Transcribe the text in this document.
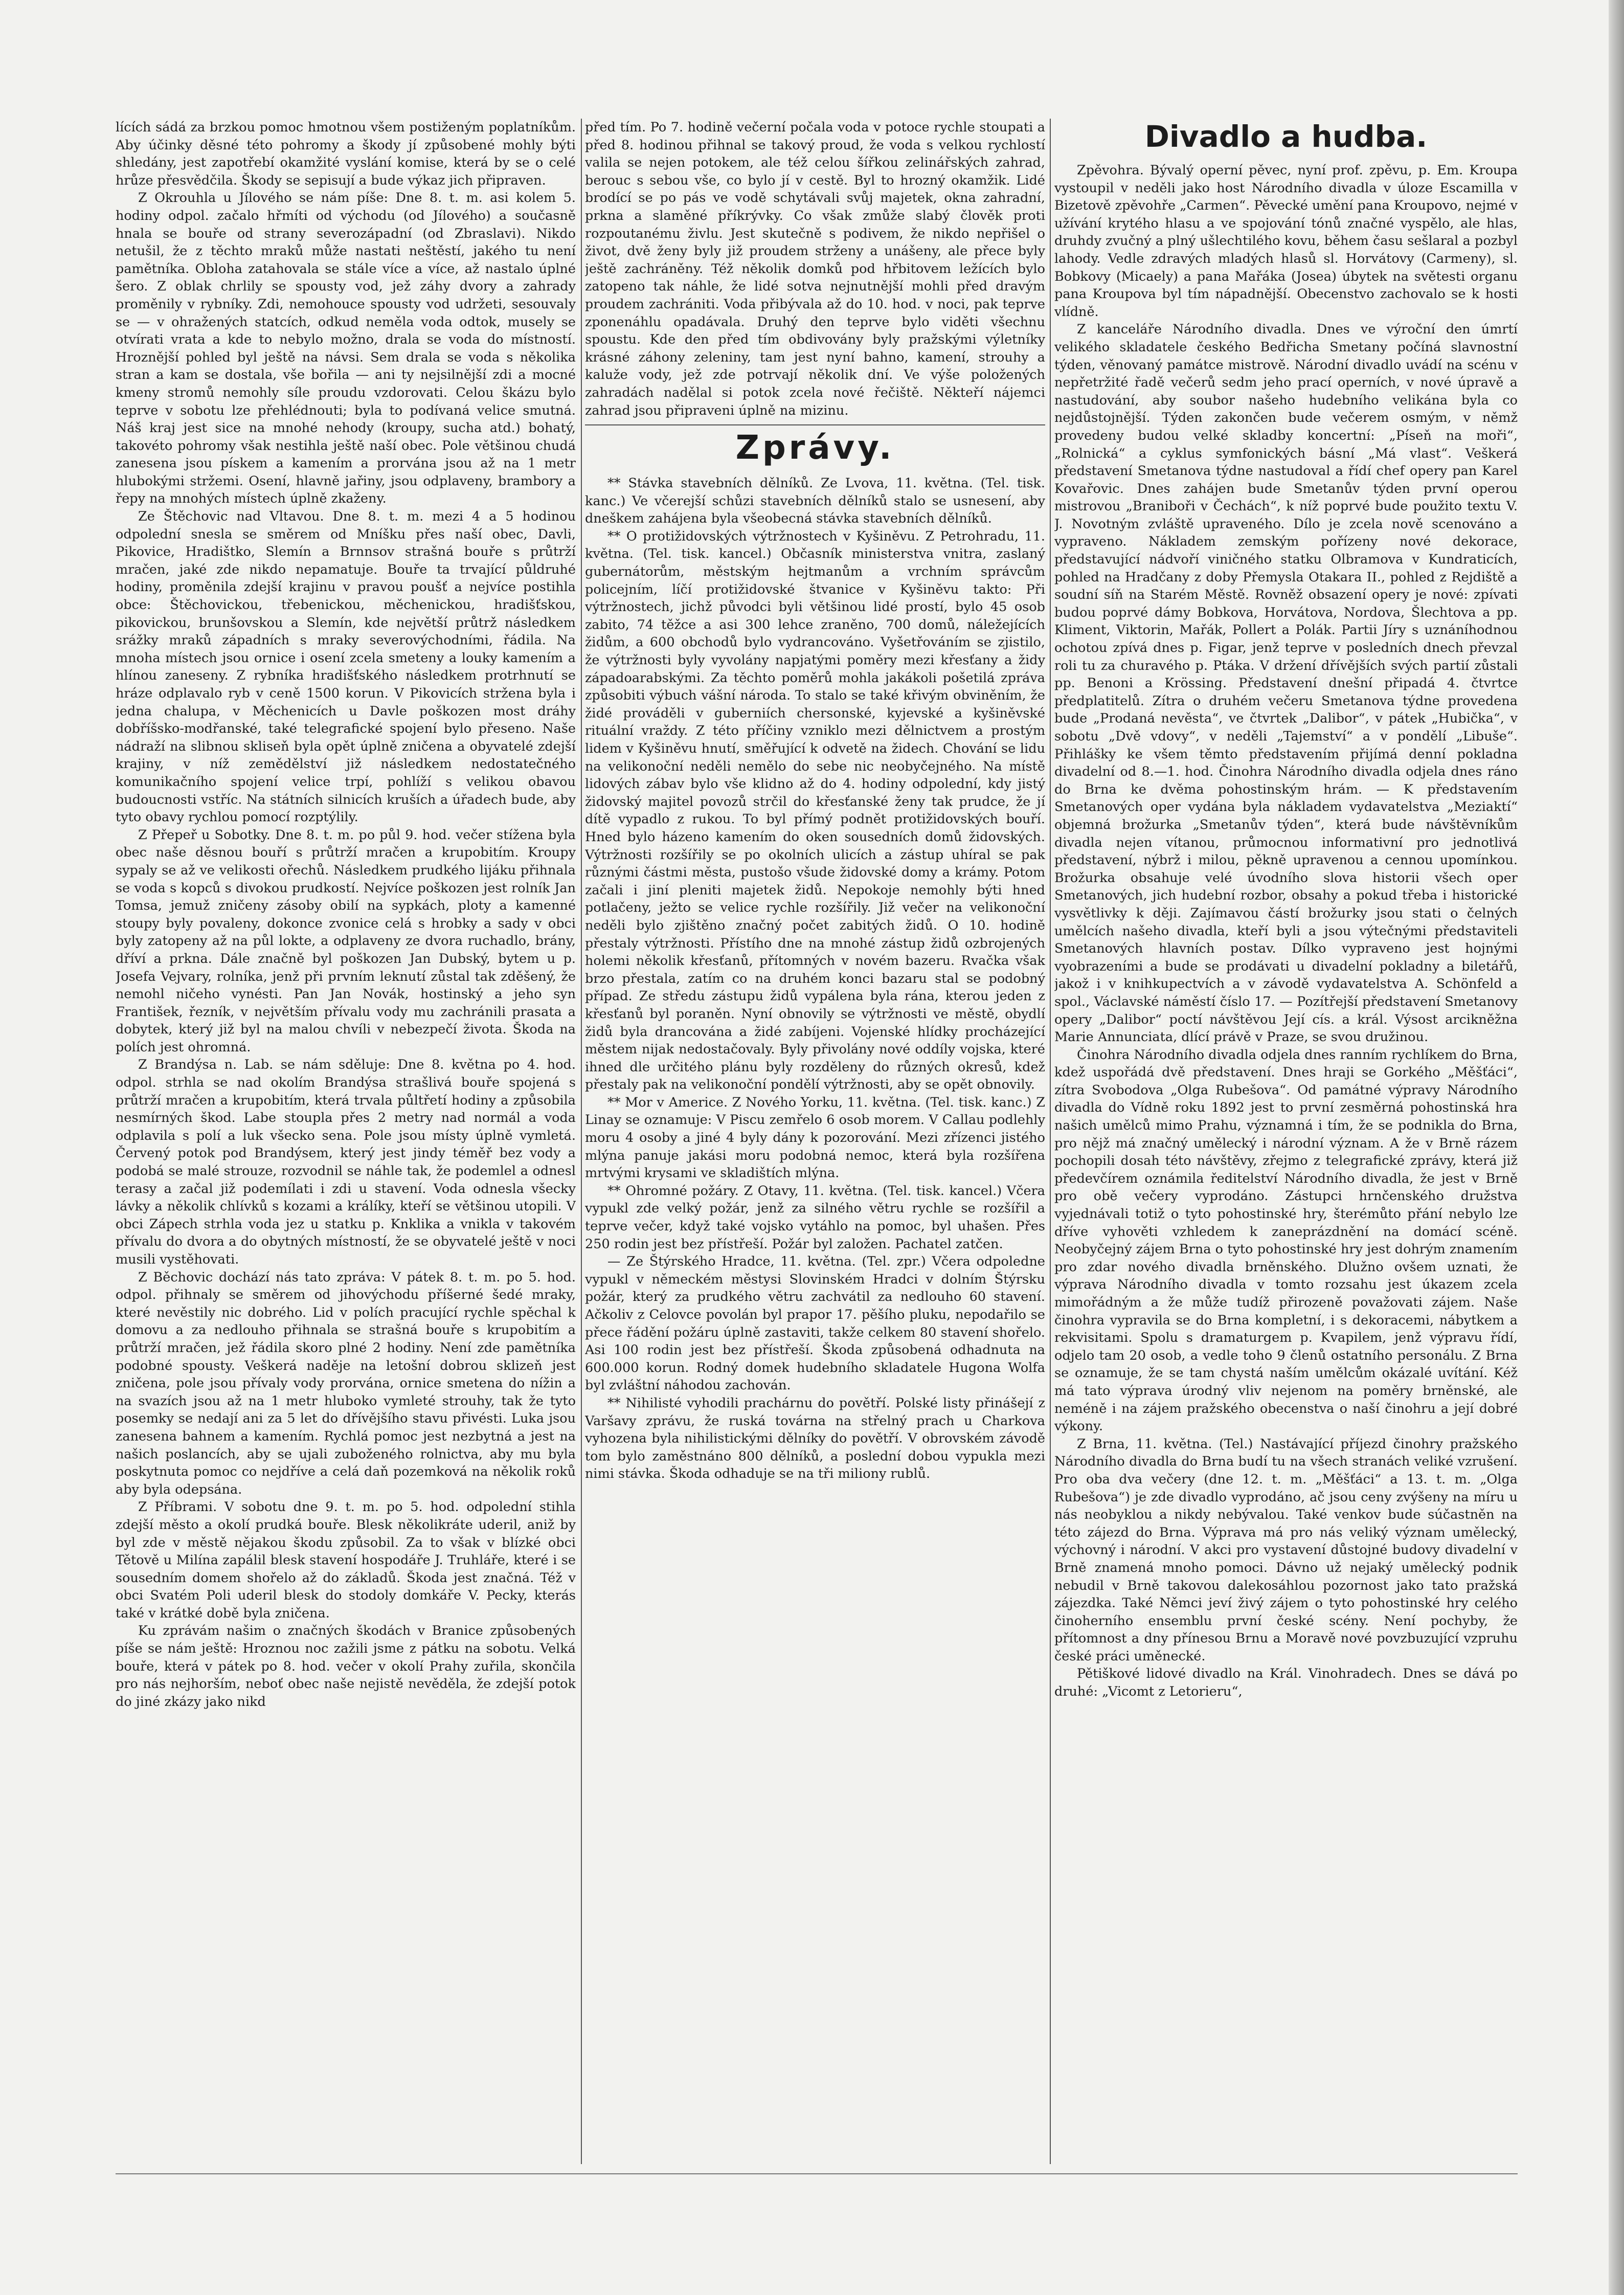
lících sádá za brzkou pomoc hmotnou všem postiženým poplatníkům. Aby účinky děsné této pohromy a škody jí způsobené mohly býti shledány, jest zapotřebí okamžité vyslání komise, která by se o celé hrůze přesvědčila. Škody se sepisují a bude výkaz jich připraven.

Z Okrouhla u Jílového se nám píše: Dne 8. t. m. asi kolem 5. hodiny odpol. začalo hřmíti od východu (od Jílového) a současně hnala se bouře od strany severozápadní (od Zbraslavi). Nikdo netušil, že z těchto mraků může nastati neštěstí, jakého tu není pamětníka. Obloha zatahovala se stále více a více, až nastalo úplné šero. Z oblak chrlily se spousty vod, jež záhy dvory a zahrady proměnily v rybníky. Zdi, nemohouce spousty vod udržeti, sesouvaly se — v ohražených statcích, odkud neměla voda odtok, musely se otvírati vrata a kde to nebylo možno, drala se voda do místností. Hroznější pohled byl ještě na návsi. Sem drala se voda s několika stran a kam se dostala, vše bořila — ani ty nejsilnější zdi a mocné kmeny stromů nemohly síle proudu vzdorovati. Celou škázu bylo teprve v sobotu lze přehlédnouti; byla to podívaná velice smutná. Náš kraj jest sice na mnohé nehody (kroupy, sucha atd.) bohatý, takovéto pohromy však nestihla ještě naší obec. Pole většinou chudá zanesena jsou pískem a kamením a prorvána jsou až na 1 metr hlubokými stržemi. Osení, hlavně jařiny, jsou odplaveny, brambory a řepy na mnohých místech úplně zkaženy.

Ze Štěchovic nad Vltavou. Dne 8. t. m. mezi 4 a 5 hodinou odpolední snesla se směrem od Mníšku přes naší obec, Davli, Pikovice, Hradištko, Slemín a Brnnsov strašná bouře s průtrží mračen, jaké zde nikdo nepamatuje. Bouře ta trvající půldruhé hodiny, proměnila zdejší krajinu v pravou poušť a nejvíce postihla obce: Štěchovickou, třebenickou, měchenickou, hradišťskou, pikovickou, brunšovskou a Slemín, kde největší průtrž následkem srážky mraků západních s mraky severovýchodními, řádila. Na mnoha místech jsou ornice i osení zcela smeteny a louky kamením a hlínou zaneseny. Z rybníka hradišťského následkem protrhnutí se hráze odplavalo ryb v ceně 1500 korun. V Pikovicích stržena byla i jedna chalupa, v Měchenicích u Davle poškozen most dráhy dobříšsko-modřanské, také telegrafické spojení bylo přeseno. Naše nádraží na slibnou skliseň byla opět úplně zničena a obyvatelé zdejší krajiny, v níž zemědělství již následkem nedostatečného komunikačního spojení velice trpí, pohlíží s velikou obavou budoucnosti vstříc. Na státních silnicích kruších a úřadech bude, aby tyto obavy rychlou pomocí rozptýlily.

Z Přepeř u Sobotky. Dne 8. t. m. po půl 9. hod. večer stížena byla obec naše děsnou bouří s průtrží mračen a krupobitím. Kroupy sypaly se až ve velikosti ořechů. Následkem prudkého lijáku přihnala se voda s kopců s divokou prudkostí. Nejvíce poškozen jest rolník Jan Tomsa, jemuž zničeny zásoby obilí na sypkách, ploty a kamenné stoupy byly povaleny, dokonce zvonice celá s hrobky a sady v obci byly zatopeny až na půl lokte, a odplaveny ze dvora ruchadlo, brány, dříví a prkna. Dále značně byl poškozen Jan Dubský, bytem u p. Josefa Vejvary, rolníka, jenž při prvním leknutí zůstal tak zděšený, že nemohl ničeho vynésti. Pan Jan Novák, hostinský a jeho syn František, řezník, v největším přívalu vody mu zachránili prasata a dobytek, který již byl na malou chvíli v nebezpečí života. Škoda na polích jest ohromná.

Z Brandýsa n. Lab. se nám sděluje: Dne 8. května po 4. hod. odpol. strhla se nad okolím Brandýsa strašlivá bouře spojená s průtrží mračen a krupobitím, která trvala půltřetí hodiny a způsobila nesmírných škod. Labe stoupla přes 2 metry nad normál a voda odplavila s polí a luk všecko sena. Pole jsou místy úplně vymletá. Červený potok pod Brandýsem, který jest jindy téměř bez vody a podobá se malé strouze, rozvodnil se náhle tak, že podemlel a odnesl terasy a začal již podemílati i zdi u stavení. Voda odnesla všecky lávky a několik chlívků s kozami a králíky, kteří se většinou utopili. V obci Zápech strhla voda jez u statku p. Knklika a vnikla v takovém přívalu do dvora a do obytných místností, že se obyvatelé ještě v noci musili vystěhovati.

Z Běchovic dochází nás tato zpráva: V pátek 8. t. m. po 5. hod. odpol. přihnaly se směrem od jihovýchodu příšerné šedé mraky, které nevěstily nic dobrého. Lid v polích pracující rychle spěchal k domovu a za nedlouho přihnala se strašná bouře s krupobitím a průtrží mračen, jež řádila skoro plné 2 hodiny. Není zde pamětníka podobné spousty. Veškerá naděje na letošní dobrou sklizeň jest zničena, pole jsou přívaly vody prorvána, ornice smetena do nížin a na svazích jsou až na 1 metr hluboko vymleté strouhy, tak že tyto posemky se nedají ani za 5 let do dřívějšího stavu přivésti. Luka jsou zanesena bahnem a kamením. Rychlá pomoc jest nezbytná a jest na našich poslancích, aby se ujali zuboženého rolnictva, aby mu byla poskytnuta pomoc co nejdříve a celá daň pozemková na několik roků aby byla odepsána.

Z Příbrami. V sobotu dne 9. t. m. po 5. hod. odpolední stihla zdejší město a okolí prudká bouře. Blesk několikráte uderil, aniž by byl zde v městě nějakou škodu způsobil. Za to však v blízké obci Tětově u Milína zapálil blesk stavení hospodáře J. Truhláře, které i se sousedním domem shořelo až do základů. Škoda jest značná. Též v obci Svatém Poli uderil blesk do stodoly domkáře V. Pecky, kterás také v krátké době byla zničena.

Ku zprávám našim o značných škodách v Branice způsobených píše se nám ještě: Hroznou noc zažili jsme z pátku na sobotu. Velká bouře, která v pátek po 8. hod. večer v okolí Prahy zuřila, skončila pro nás nejhorším, neboť obec naše nejistě nevěděla, že zdejší potok do jiné zkázy jako nikd

před tím. Po 7. hodině večerní počala voda v potoce rychle stoupati a před 8. hodinou přihnal se takový proud, že voda s velkou rychlostí valila se nejen potokem, ale též celou šířkou zelinářských zahrad, berouc s sebou vše, co bylo jí v cestě. Byl to hrozný okamžik. Lidé brodící se po pás ve vodě schytávali svůj majetek, okna zahradní, prkna a slaměné příkrývky. Co však zmůže slabý člověk proti rozpoutanému živlu. Jest skutečně s podivem, že nikdo nepřišel o život, dvě ženy byly již proudem strženy a unášeny, ale přece byly ještě zachráněny. Též několik domků pod hřbitovem ležících bylo zatopeno tak náhle, že lidé sotva nejnutnější mohli před dravým proudem zachrániti. Voda přibývala až do 10. hod. v noci, pak teprve zponenáhlu opadávala. Druhý den teprve bylo viděti všechnu spoustu. Kde den před tím obdivovány byly pražskými výletníky krásné záhony zeleniny, tam jest nyní bahno, kamení, strouhy a kaluže vody, jež zde potrvají několik dní. Ve výše položených zahradách nadělal si potok zcela nové řečiště. Někteří nájemci zahrad jsou připraveni úplně na mizinu.

Zprávy.

** Stávka stavebních dělníků. Ze Lvova, 11. května. (Tel. tisk. kanc.) Ve včerejší schůzi stavebních dělníků stalo se usnesení, aby dneškem zahájena byla všeobecná stávka stavebních dělníků.

** O protižidovských výtržnostech v Kyšiněvu. Z Petrohradu, 11. května. (Tel. tisk. kancel.) Občasník ministerstva vnitra, zaslaný gubernátorům, městským hejtmanům a vrchním správcům policejním, líčí protižidovské štvanice v Kyšiněvu takto: Při výtržnostech, jichž původci byli většinou lidé prostí, bylo 45 osob zabito, 74 těžce a asi 300 lehce zraněno, 700 domů, náležejících židům, a 600 obchodů bylo vydrancováno. Vyšetřováním se zjistilo, že výtržnosti byly vyvolány napjatými poměry mezi křesťany a židy západoarabskými. Za těchto poměrů mohla jakákoli pošetilá zpráva způsobiti výbuch vášní národa. To stalo se také křivým obviněním, že židé prováděli v guberniích chersonské, kyjevské a kyšiněvské rituální vraždy. Z této příčiny vzniklo mezi dělnictvem a prostým lidem v Kyšiněvu hnutí, směřující k odvetě na židech. Chování se lidu na velikonoční neděli nemělo do sebe nic neobyčejného. Na místě lidových zábav bylo vše klidno až do 4. hodiny odpolední, kdy jistý židovský majitel povozů strčil do křesťanské ženy tak prudce, že jí dítě vypadlo z rukou. To byl přímý podnět protižidovských bouří. Hned bylo házeno kamením do oken sousedních domů židovských. Výtržnosti rozšířily se po okolních ulicích a zástup uhíral se pak různými částmi města, pustošo všude židovské domy a krámy. Potom začali i jiní pleniti majetek židů. Nepokoje nemohly býti hned potlačeny, ježto se velice rychle rozšířily. Již večer na velikonoční neděli bylo zjištěno značný počet zabitých židů. O 10. hodině přestaly výtržnosti. Přístího dne na mnohé zástup židů ozbrojených holemi několik křesťanů, přítomných v novém bazeru. Rvačka však brzo přestala, zatím co na druhém konci bazaru stal se podobný případ. Ze středu zástupu židů vypálena byla rána, kterou jeden z křesťanů byl poraněn. Nyní obnovily se výtržnosti ve městě, obydlí židů byla drancována a židé zabíjeni. Vojenské hlídky procházející městem nijak nedostačovaly. Byly přivolány nové oddíly vojska, které ihned dle určitého plánu byly rozděleny do různých okresů, kdež přestaly pak na velikonoční pondělí výtržnosti, aby se opět obnovily.

** Mor v Americe. Z Nového Yorku, 11. května. (Tel. tisk. kanc.) Z Linay se oznamuje: V Piscu zemřelo 6 osob morem. V Callau podlehly moru 4 osoby a jiné 4 byly dány k pozorování. Mezi zřízenci jistého mlýna panuje jakási moru podobná nemoc, která byla rozšířena mrtvými krysami ve skladištích mlýna.

** Ohromné požáry. Z Otavy, 11. května. (Tel. tisk. kancel.) Včera vypukl zde velký požár, jenž za silného větru rychle se rozšířil a teprve večer, když také vojsko vytáhlo na pomoc, byl uhašen. Přes 250 rodin jest bez přístřeší. Požár byl založen. Pachatel zatčen.

— Ze Štýrského Hradce, 11. května. (Tel. zpr.) Včera odpoledne vypukl v německém městysi Slovinském Hradci v dolním Štýrsku požár, který za prudkého větru zachvátil za nedlouho 60 stavení. Ačkoliv z Celovce povolán byl prapor 17. pěšího pluku, nepodařilo se přece řádění požáru úplně zastaviti, takže celkem 80 stavení shořelo. Asi 100 rodin jest bez přístřeší. Škoda způsobená odhadnuta na 600.000 korun. Rodný domek hudebního skladatele Hugona Wolfa byl zvláštní náhodou zachován.

** Nihilisté vyhodili prachárnu do povětří. Polské listy přinášejí z Varšavy zprávu, že ruská továrna na střelný prach u Charkova vyhozena byla nihilistickými dělníky do povětří. V obrovském závodě tom bylo zaměstnáno 800 dělníků, a poslední dobou vypukla mezi nimi stávka. Škoda odhaduje se na tři miliony rublů.

Divadlo a hudba.

Zpěvohra. Bývalý operní pěvec, nyní prof. zpěvu, p. Em. Kroupa vystoupil v neděli jako host Národního divadla v úloze Escamilla v Bizetově zpěvohře „Carmen“. Pěvecké umění pana Kroupovo, nejmé v užívání krytého hlasu a ve spojování tónů značné vyspělo, ale hlas, druhdy zvučný a plný ušlechtilého kovu, během času sešlaral a pozbyl lahody. Vedle zdravých mladých hlasů sl. Horvátovy (Carmeny), sl. Bobkovy (Micaely) a pana Mařáka (Josea) úbytek na světesti organu pana Kroupova byl tím nápadnější. Obecenstvo zachovalo se k hosti vlídně.

Z kanceláře Národního divadla. Dnes ve výroční den úmrtí velikého skladatele českého Bedřicha Smetany počíná slavnostní týden, věnovaný památce mistrově. Národní divadlo uvádí na scénu v nepřetržité řadě večerů sedm jeho prací operních, v nové úpravě a nastudování, aby soubor našeho hudebního velikána byla co nejdůstojnější. Týden zakončen bude večerem osmým, v němž provedeny budou velké skladby koncertní: „Píseň na moři“, „Rolnická“ a cyklus symfonických básní „Má vlast“. Veškerá představení Smetanova týdne nastudoval a řídí chef opery pan Karel Kovařovic. Dnes zahájen bude Smetanův týden první operou mistrovou „Braniboři v Čechách“, k níž poprvé bude použito textu V. J. Novotným zvláště upraveného. Dílo je zcela nově scenováno a vypraveno. Nákladem zemským pořízeny nové dekorace, představující nádvoří viničného statku Olbramova v Kundraticích, pohled na Hradčany z doby Přemysla Otakara II., pohled z Rejdiště a soudní síň na Starém Městě. Rovněž obsazení opery je nové: zpívati budou poprvé dámy Bobkova, Horvátova, Nordova, Šlechtova a pp. Kliment, Viktorin, Mařák, Pollert a Polák. Partii Jíry s uznáníhodnou ochotou zpívá dnes p. Figar, jenž teprve v posledních dnech převzal roli tu za churavého p. Ptáka. V držení dřívějších svých partií zůstali pp. Benoni a Krössing. Představení dnešní připadá 4. čtvrtce předplatitelů. Zítra o druhém večeru Smetanova týdne provedena bude „Prodaná nevěsta“, ve čtvrtek „Dalibor“, v pátek „Hubička“, v sobotu „Dvě vdovy“, v neděli „Tajemství“ a v pondělí „Libuše“. Přihlášky ke všem těmto představením přijímá denní pokladna divadelní od 8.—1. hod. Činohra Národního divadla odjela dnes ráno do Brna ke dvěma pohostinským hrám. — K představením Smetanových oper vydána byla nákladem vydavatelstva „Meziaktí“ objemná brožurka „Smetanův týden“, která bude návštěvníkům divadla nejen vítanou, průmocnou informativní pro jednotlivá představení, nýbrž i milou, pěkně upravenou a cennou upomínkou. Brožurka obsahuje velé úvodního slova historii všech oper Smetanových, jich hudební rozbor, obsahy a pokud třeba i historické vysvětlivky k ději. Zajímavou částí brožurky jsou stati o čelných umělcích našeho divadla, kteří byli a jsou výtečnými představiteli Smetanových hlavních postav. Dílko vypraveno jest hojnými vyobrazeními a bude se prodávati u divadelní pokladny a biletářů, jakož i v knihkupectvích a v závodě vydavatelstva A. Schönfeld a spol., Václavské náměstí číslo 17. — Pozítřejší představení Smetanovy opery „Dalibor“ poctí návštěvou Její cís. a král. Výsost arcikněžna Marie Annunciata, dlící právě v Praze, se svou družinou.

Činohra Národního divadla odjela dnes ranním rychlíkem do Brna, kdež uspořádá dvě představení. Dnes hraji se Gorkého „Měšťáci“, zítra Svobodova „Olga Rubešova“. Od památné výpravy Národního divadla do Vídně roku 1892 jest to první zesměrná pohostinská hra našich umělců mimo Prahu, významná i tím, že se podnikla do Brna, pro nějž má značný umělecký i národní význam. A že v Brně rázem pochopili dosah této návštěvy, zřejmo z telegrafické zprávy, která již předevčírem oznámila ředitelství Národního divadla, že jest v Brně pro obě večery vyprodáno. Zástupci hrnčenského družstva vyjednávali totiž o tyto pohostinské hry, šterémůto přání nebylo lze dříve vyhověti vzhledem k zaneprázdnění na domácí scéně. Neobyčejný zájem Brna o tyto pohostinské hry jest dohrým znamením pro zdar nového divadla brněnského. Dlužno ovšem uznati, že výprava Národního divadla v tomto rozsahu jest úkazem zcela mimořádným a že může tudíž přirozeně považovati zájem. Naše činohra vypravila se do Brna kompletní, i s dekoracemi, nábytkem a rekvisitami. Spolu s dramaturgem p. Kvapilem, jenž výpravu řídí, odjelo tam 20 osob, a vedle toho 9 členů ostatního personálu. Z Brna se oznamuje, že se tam chystá naším umělcům okázalé uvítání. Kéž má tato výprava úrodný vliv nejenom na poměry brněnské, ale neméně i na zájem pražského obecenstva o naší činohru a její dobré výkony.

Z Brna, 11. května. (Tel.) Nastávající příjezd činohry pražského Národního divadla do Brna budí tu na všech stranách veliké vzrušení. Pro oba dva večery (dne 12. t. m. „Měšťáci“ a 13. t. m. „Olga Rubešova“) je zde divadlo vyprodáno, ač jsou ceny zvýšeny na míru u nás neobyklou a nikdy nebývalou. Také venkov bude súčastněn na této zájezd do Brna. Výprava má pro nás veliký význam umělecký, výchovný i národní. V akci pro vystavení důstojné budovy divadelní v Brně znamená mnoho pomoci. Dávno už nejaký umělecký podnik nebudil v Brně takovou dalekosáhlou pozornost jako tato pražská zájezdka. Také Němci jeví živý zájem o tyto pohostinské hry celého činoherního ensemblu první české scény. Není pochyby, že přítomnost a dny přínesou Brnu a Moravě nové povzbuzující vzpruhu české práci uměnecké.

Pětiškové lidové divadlo na Král. Vinohradech. Dnes se dává po druhé: „Vicomt z Letorieru“,
